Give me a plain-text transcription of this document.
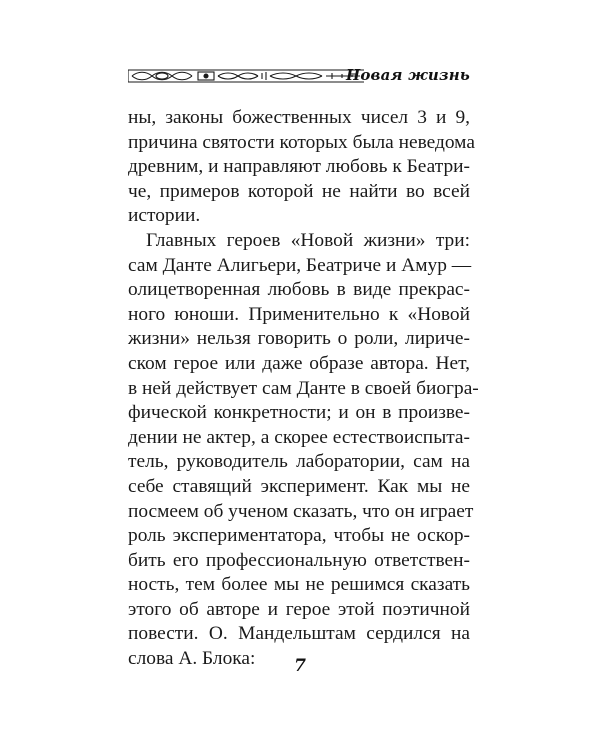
Новая жизнь
ны, законы божественных чисел 3 и 9,
причина святости которых была неведома
древним, и направляют любовь к Беатри-
че, примеров которой не найти во всей
истории.
Главных героев «Новой жизни» три:
сам Данте Алигьери, Беатриче и Амур —
олицетворенная любовь в виде прекрас-
ного юноши. Применительно к «Новой
жизни» нельзя говорить о роли, лириче-
ском герое или даже образе автора. Нет,
в ней действует сам Данте в своей биогра-
фической конкретности; и он в произве-
дении не актер, а скорее естествоиспыта-
тель, руководитель лаборатории, сам на
себе ставящий эксперимент. Как мы не
посмеем об ученом сказать, что он играет
роль экспериментатора, чтобы не оскор-
бить его профессиональную ответствен-
ность, тем более мы не решимся сказать
этого об авторе и герое этой поэтичной
повести. О. Мандельштам сердился на
слова А. Блока:	7
